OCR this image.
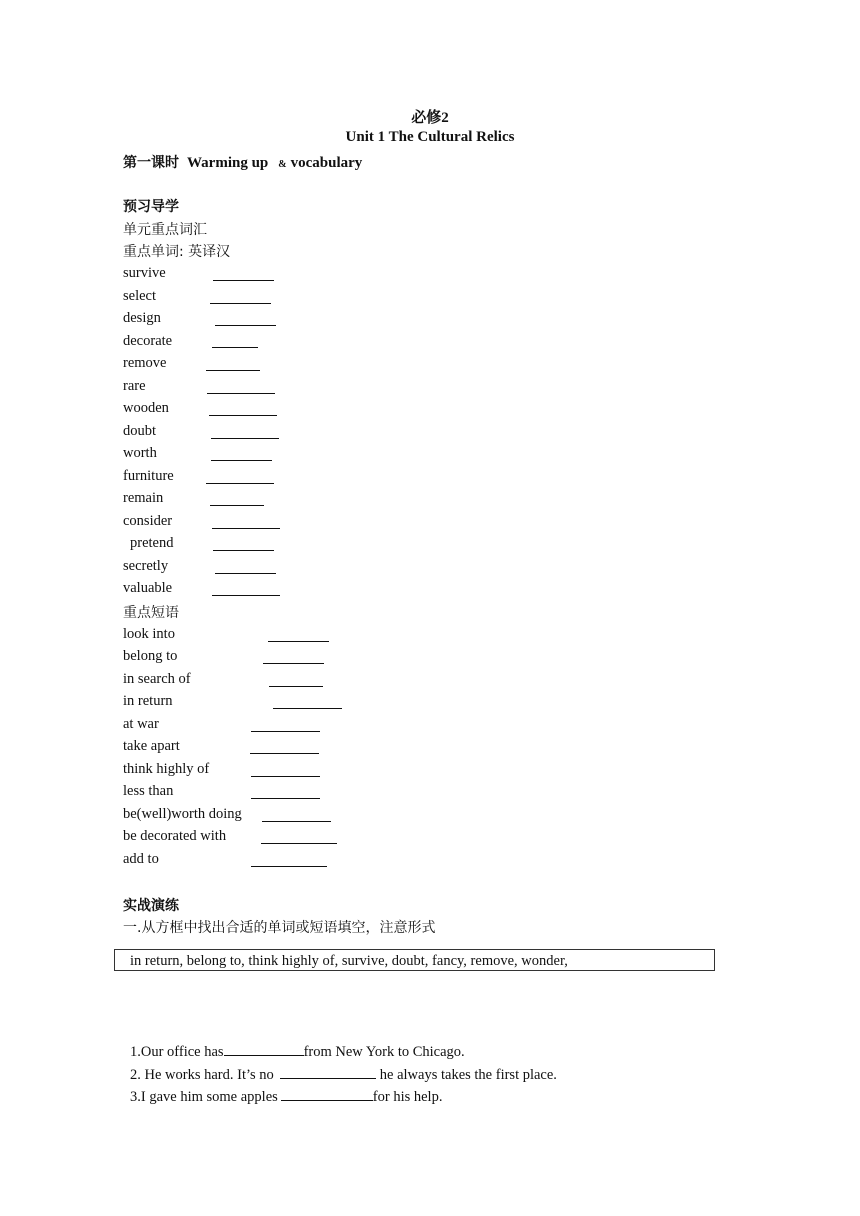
必修2
Unit 1 The Cultural Relics
第一课时 Warming up & vocabulary
预习导学
单元重点词汇
重点单词: 英译汉
survive
select
design
decorate
remove
rare
wooden
doubt
worth
furniture
remain
consider
pretend
secretly
valuable
重点短语
look into
belong to
in search of
in return
at war
take apart
think highly of
less than
be(well)worth doing
be decorated with
add to
实战演练
一.从方框中找出合适的单词或短语填空，注意形式
in return, belong to, think highly of, survive, doubt, fancy, remove, wonder,
1.Our office has	from New York to Chicago.
2. He works hard. It’s no	he always takes the first place.
3.I gave him some apples	for his help.
